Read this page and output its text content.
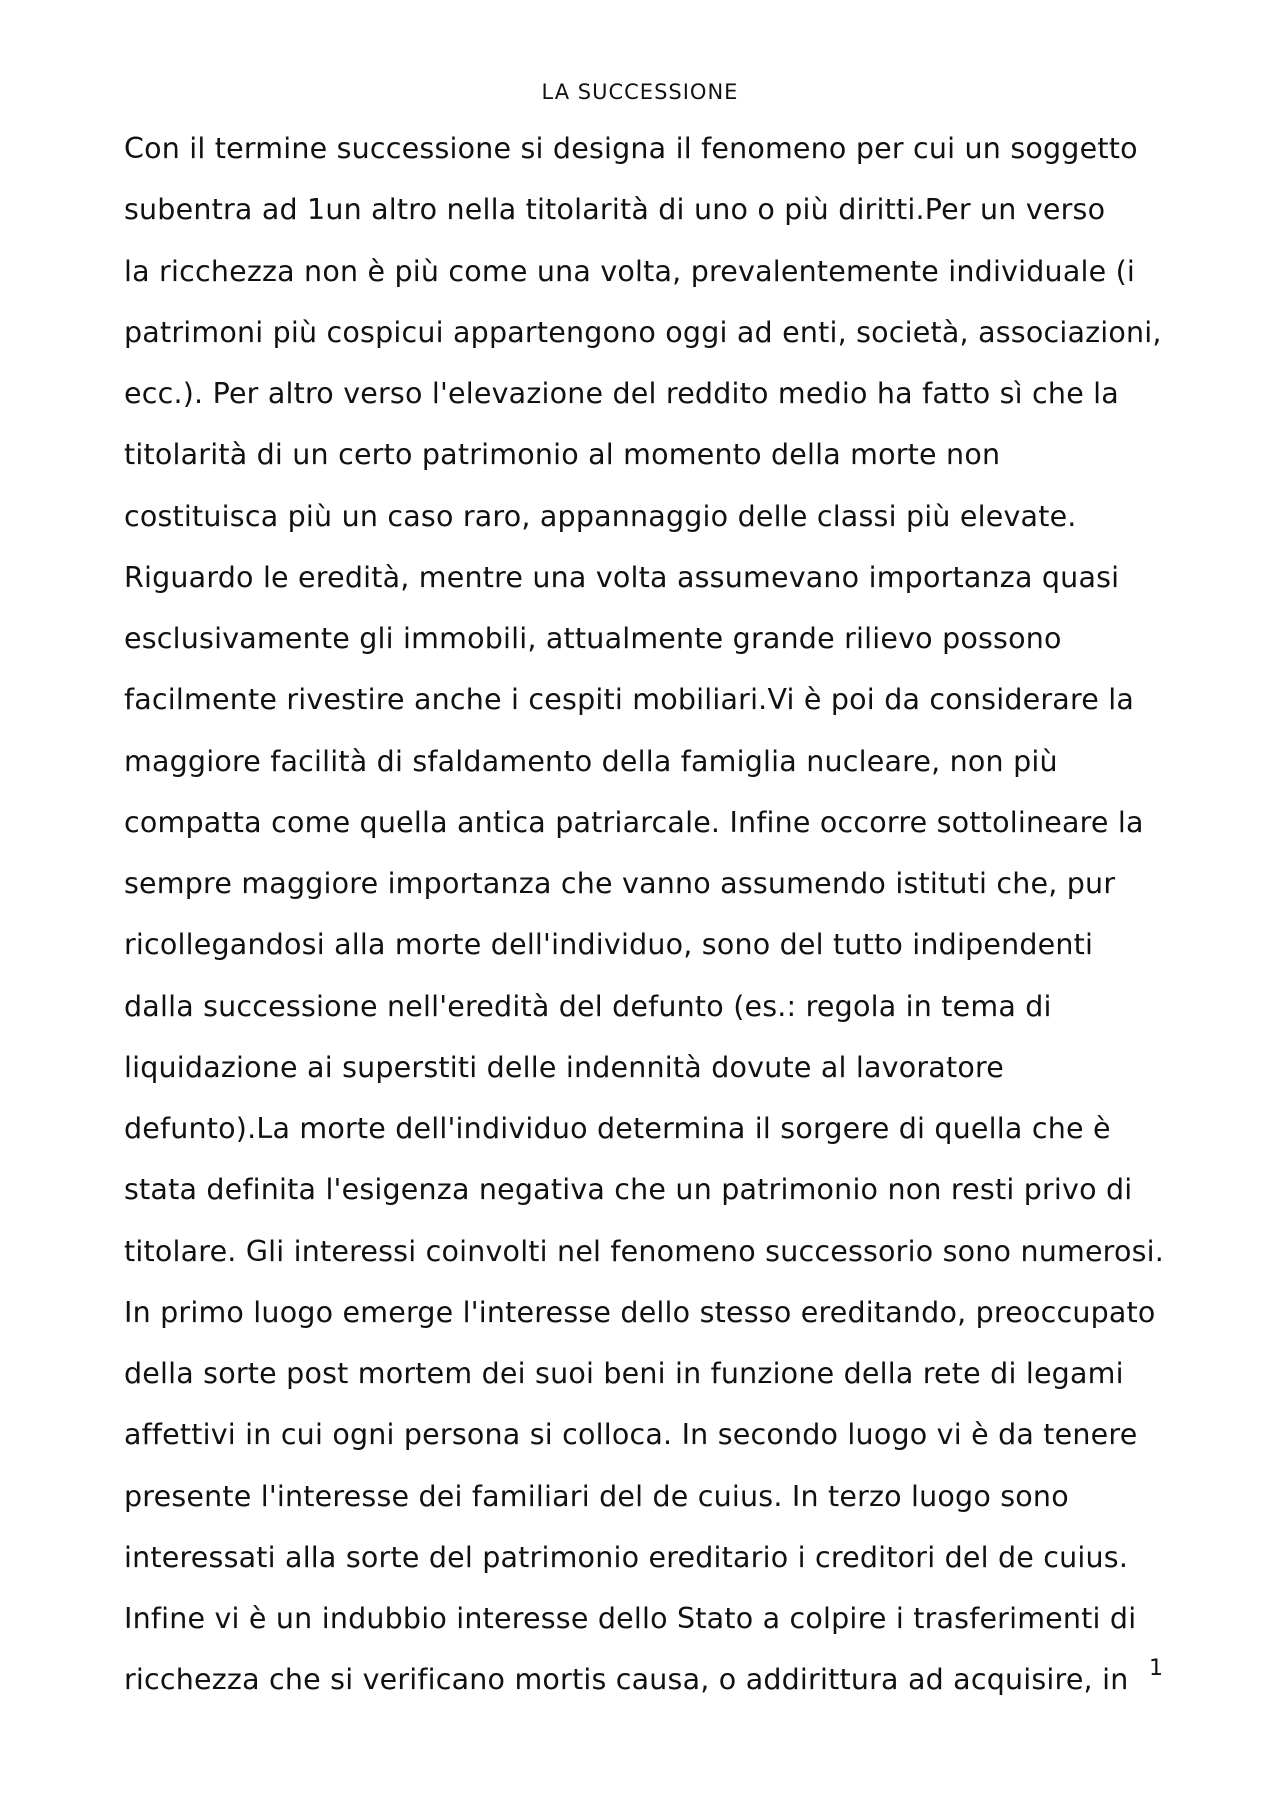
LA SUCCESSIONE
Con il termine successione si designa il fenomeno per cui un soggetto
subentra ad 1un altro nella titolarità di uno o più diritti.Per un verso
la ricchezza non è più come una volta, prevalentemente individuale (i
patrimoni più cospicui appartengono oggi ad enti, società, associazioni,
ecc.). Per altro verso l'elevazione del reddito medio ha fatto sì che la
titolarità di un certo patrimonio al momento della morte non
costituisca più un caso raro, appannaggio delle classi più elevate.
Riguardo le eredità, mentre una volta assumevano importanza quasi
esclusivamente gli immobili, attualmente grande rilievo possono
facilmente rivestire anche i cespiti mobiliari.Vi è poi da considerare la
maggiore facilità di sfaldamento della famiglia nucleare, non più
compatta come quella antica patriarcale. Infine occorre sottolineare la
sempre maggiore importanza che vanno assumendo istituti che, pur
ricollegandosi alla morte dell'individuo, sono del tutto indipendenti
dalla successione nell'eredità del defunto (es.: regola in tema di
liquidazione ai superstiti delle indennità dovute al lavoratore
defunto).La morte dell'individuo determina il sorgere di quella che è
stata definita l'esigenza negativa che un patrimonio non resti privo di
titolare. Gli interessi coinvolti nel fenomeno successorio sono numerosi.
In primo luogo emerge l'interesse dello stesso ereditando, preoccupato
della sorte post mortem dei suoi beni in funzione della rete di legami
affettivi in cui ogni persona si colloca. In secondo luogo vi è da tenere
presente l'interesse dei familiari del de cuius. In terzo luogo sono
interessati alla sorte del patrimonio ereditario i creditori del de cuius.
Infine vi è un indubbio interesse dello Stato a colpire i trasferimenti di
ricchezza che si verificano mortis causa, o addirittura ad acquisire, in 1
